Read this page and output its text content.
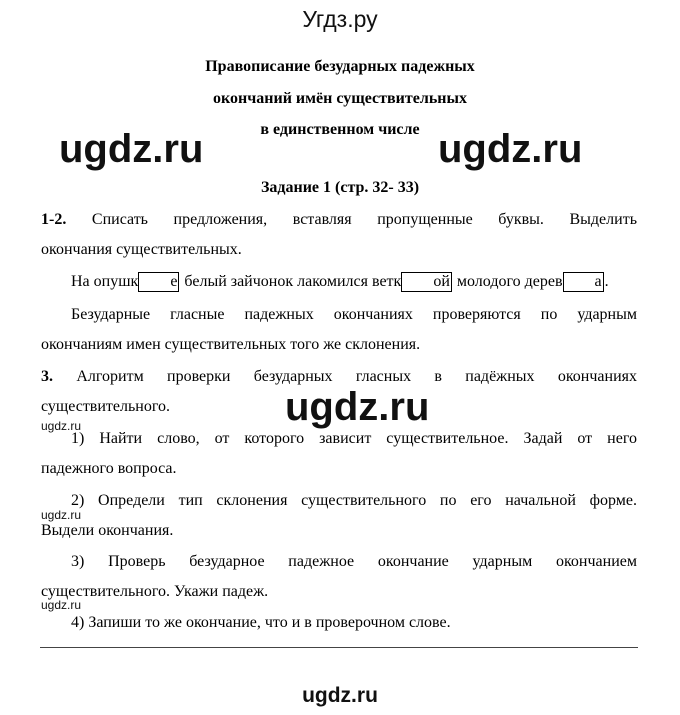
Угдз.ру
Правописание безударных падежных
окончаний имён существительных
в единственном числе
ugdz.ru	ugdz.ru
Задание 1 (стр. 32- 33)
1-2. Списать предложения, вставляя пропущенные буквы. Выделить
окончания существительных.
На опушк е белый зайчонок лакомился ветк ой молодого дерев а .
Безударные гласные падежных окончаниях проверяются по ударным
окончаниям имен существительных того же склонения.
3. Алгоритм проверки безударных гласных в падёжных окончаниях
существительного.	ugdz.ru
ugdz.ru
1) Найти слово, от которого зависит существительное. Задай от него
падежного вопроса.
2) Определи тип склонения существительного по его начальной форме.
Выдели окончания.
ugdz.ru
3) Проверь безударное падежное окончание ударным окончанием
существительного. Укажи падеж.
ugdz.ru
4) Запиши то же окончание, что и в проверочном слове.
ugdz.ru
